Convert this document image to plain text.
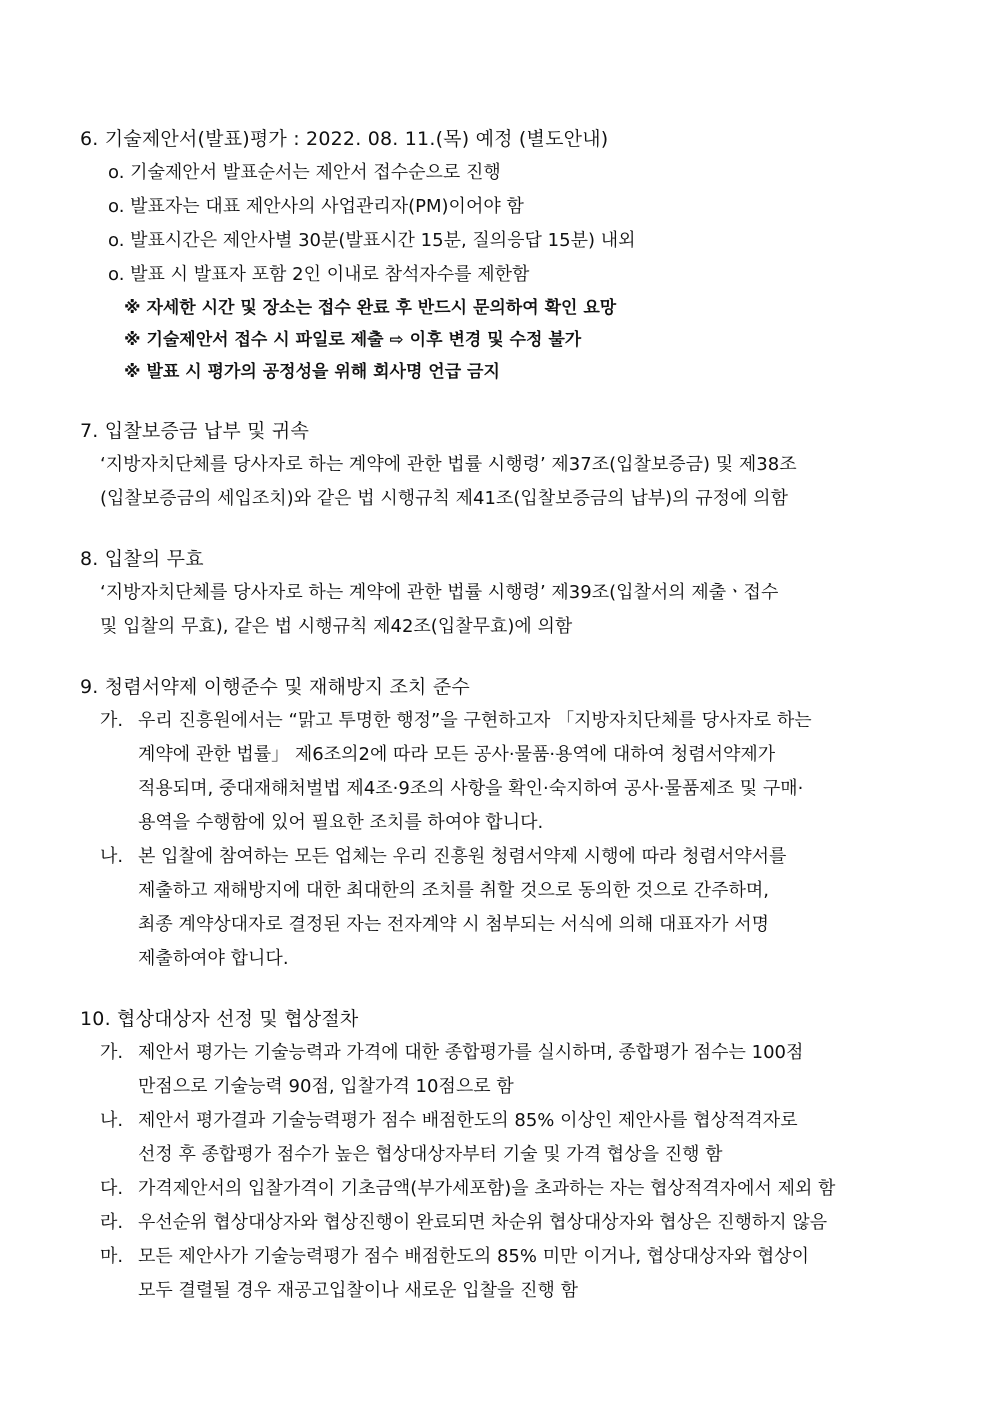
6. 기술제안서(발표)평가 : 2022. 08. 11.(목) 예정 (별도안내)
o. 기술제안서 발표순서는 제안서 접수순으로 진행
o. 발표자는 대표 제안사의 사업관리자(PM)이어야 함
o. 발표시간은 제안사별 30분(발표시간 15분, 질의응답 15분) 내외
o. 발표 시 발표자 포함 2인 이내로 참석자수를 제한함
※ 자세한 시간 및 장소는 접수 완료 후 반드시 문의하여 확인 요망
※ 기술제안서 접수 시 파일로 제출 ⇨ 이후 변경 및 수정 불가
※ 발표 시 평가의 공정성을 위해 회사명 언급 금지
7. 입찰보증금 납부 및 귀속
‘지방자치단체를 당사자로 하는 계약에 관한 법률 시행령’ 제37조(입찰보증금) 및 제38조
(입찰보증금의 세입조치)와 같은 법 시행규칙 제41조(입찰보증금의 납부)의 규정에 의함
8. 입찰의 무효
‘지방자치단체를 당사자로 하는 계약에 관한 법률 시행령’ 제39조(입찰서의 제출ㆍ접수
및 입찰의 무효), 같은 법 시행규칙 제42조(입찰무효)에 의함
9. 청렴서약제 이행준수 및 재해방지 조치 준수
가. 우리 진흥원에서는 “맑고 투명한 행정”을 구현하고자 「지방자치단체를 당사자로 하는
계약에 관한 법률」 제6조의2에 따라 모든 공사·물품·용역에 대하여 청렴서약제가
적용되며, 중대재해처벌법 제4조·9조의 사항을 확인·숙지하여 공사·물품제조 및 구매·
용역을 수행함에 있어 필요한 조치를 하여야 합니다.
나. 본 입찰에 참여하는 모든 업체는 우리 진흥원 청렴서약제 시행에 따라 청렴서약서를
제출하고 재해방지에 대한 최대한의 조치를 취할 것으로 동의한 것으로 간주하며,
최종 계약상대자로 결정된 자는 전자계약 시 첨부되는 서식에 의해 대표자가 서명
제출하여야 합니다.
10. 협상대상자 선정 및 협상절차
가. 제안서 평가는 기술능력과 가격에 대한 종합평가를 실시하며, 종합평가 점수는 100점
만점으로 기술능력 90점, 입찰가격 10점으로 함
나. 제안서 평가결과 기술능력평가 점수 배점한도의 85% 이상인 제안사를 협상적격자로
선정 후 종합평가 점수가 높은 협상대상자부터 기술 및 가격 협상을 진행 함
다. 가격제안서의 입찰가격이 기초금액(부가세포함)을 초과하는 자는 협상적격자에서 제외 함
라. 우선순위 협상대상자와 협상진행이 완료되면 차순위 협상대상자와 협상은 진행하지 않음
마. 모든 제안사가 기술능력평가 점수 배점한도의 85% 미만 이거나, 협상대상자와 협상이
모두 결렬될 경우 재공고입찰이나 새로운 입찰을 진행 함
